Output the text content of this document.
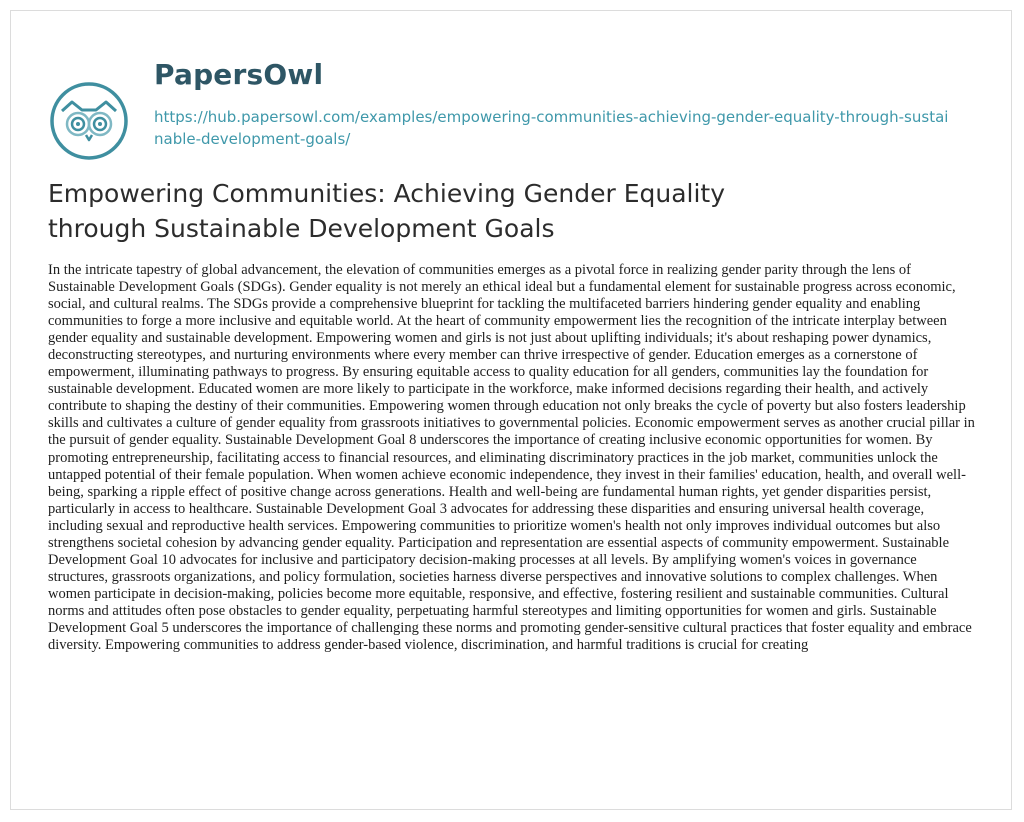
PapersOwl
https://hub.papersowl.com/examples/empowering-communities-achieving-gender-equality-through-sustainable-development-goals/
Empowering Communities: Achieving Gender Equality through Sustainable Development Goals

In the intricate tapestry of global advancement, the elevation of communities emerges as a pivotal force in realizing gender parity through the lens of Sustainable Development Goals (SDGs). Gender equality is not merely an ethical ideal but a fundamental element for sustainable progress across economic, social, and cultural realms. The SDGs provide a comprehensive blueprint for tackling the multifaceted barriers hindering gender equality and enabling communities to forge a more inclusive and equitable world. At the heart of community empowerment lies the recognition of the intricate interplay between gender equality and sustainable development. Empowering women and girls is not just about uplifting individuals; it's about reshaping power dynamics, deconstructing stereotypes, and nurturing environments where every member can thrive irrespective of gender. Education emerges as a cornerstone of empowerment, illuminating pathways to progress. By ensuring equitable access to quality education for all genders, communities lay the foundation for sustainable development. Educated women are more likely to participate in the workforce, make informed decisions regarding their health, and actively contribute to shaping the destiny of their communities. Empowering women through education not only breaks the cycle of poverty but also fosters leadership skills and cultivates a culture of gender equality from grassroots initiatives to governmental policies. Economic empowerment serves as another crucial pillar in the pursuit of gender equality. Sustainable Development Goal 8 underscores the importance of creating inclusive economic opportunities for women. By promoting entrepreneurship, facilitating access to financial resources, and eliminating discriminatory practices in the job market, communities unlock the untapped potential of their female population. When women achieve economic independence, they invest in their families' education, health, and overall well-being, sparking a ripple effect of positive change across generations. Health and well-being are fundamental human rights, yet gender disparities persist, particularly in access to healthcare. Sustainable Development Goal 3 advocates for addressing these disparities and ensuring universal health coverage, including sexual and reproductive health services. Empowering communities to prioritize women's health not only improves individual outcomes but also strengthens societal cohesion by advancing gender equality. Participation and representation are essential aspects of community empowerment. Sustainable Development Goal 10 advocates for inclusive and participatory decision-making processes at all levels. By amplifying women's voices in governance structures, grassroots organizations, and policy formulation, societies harness diverse perspectives and innovative solutions to complex challenges. When women participate in decision-making, policies become more equitable, responsive, and effective, fostering resilient and sustainable communities. Cultural norms and attitudes often pose obstacles to gender equality, perpetuating harmful stereotypes and limiting opportunities for women and girls. Sustainable Development Goal 5 underscores the importance of challenging these norms and promoting gender-sensitive cultural practices that foster equality and embrace diversity. Empowering communities to address gender-based violence, discrimination, and harmful traditions is crucial for creating
